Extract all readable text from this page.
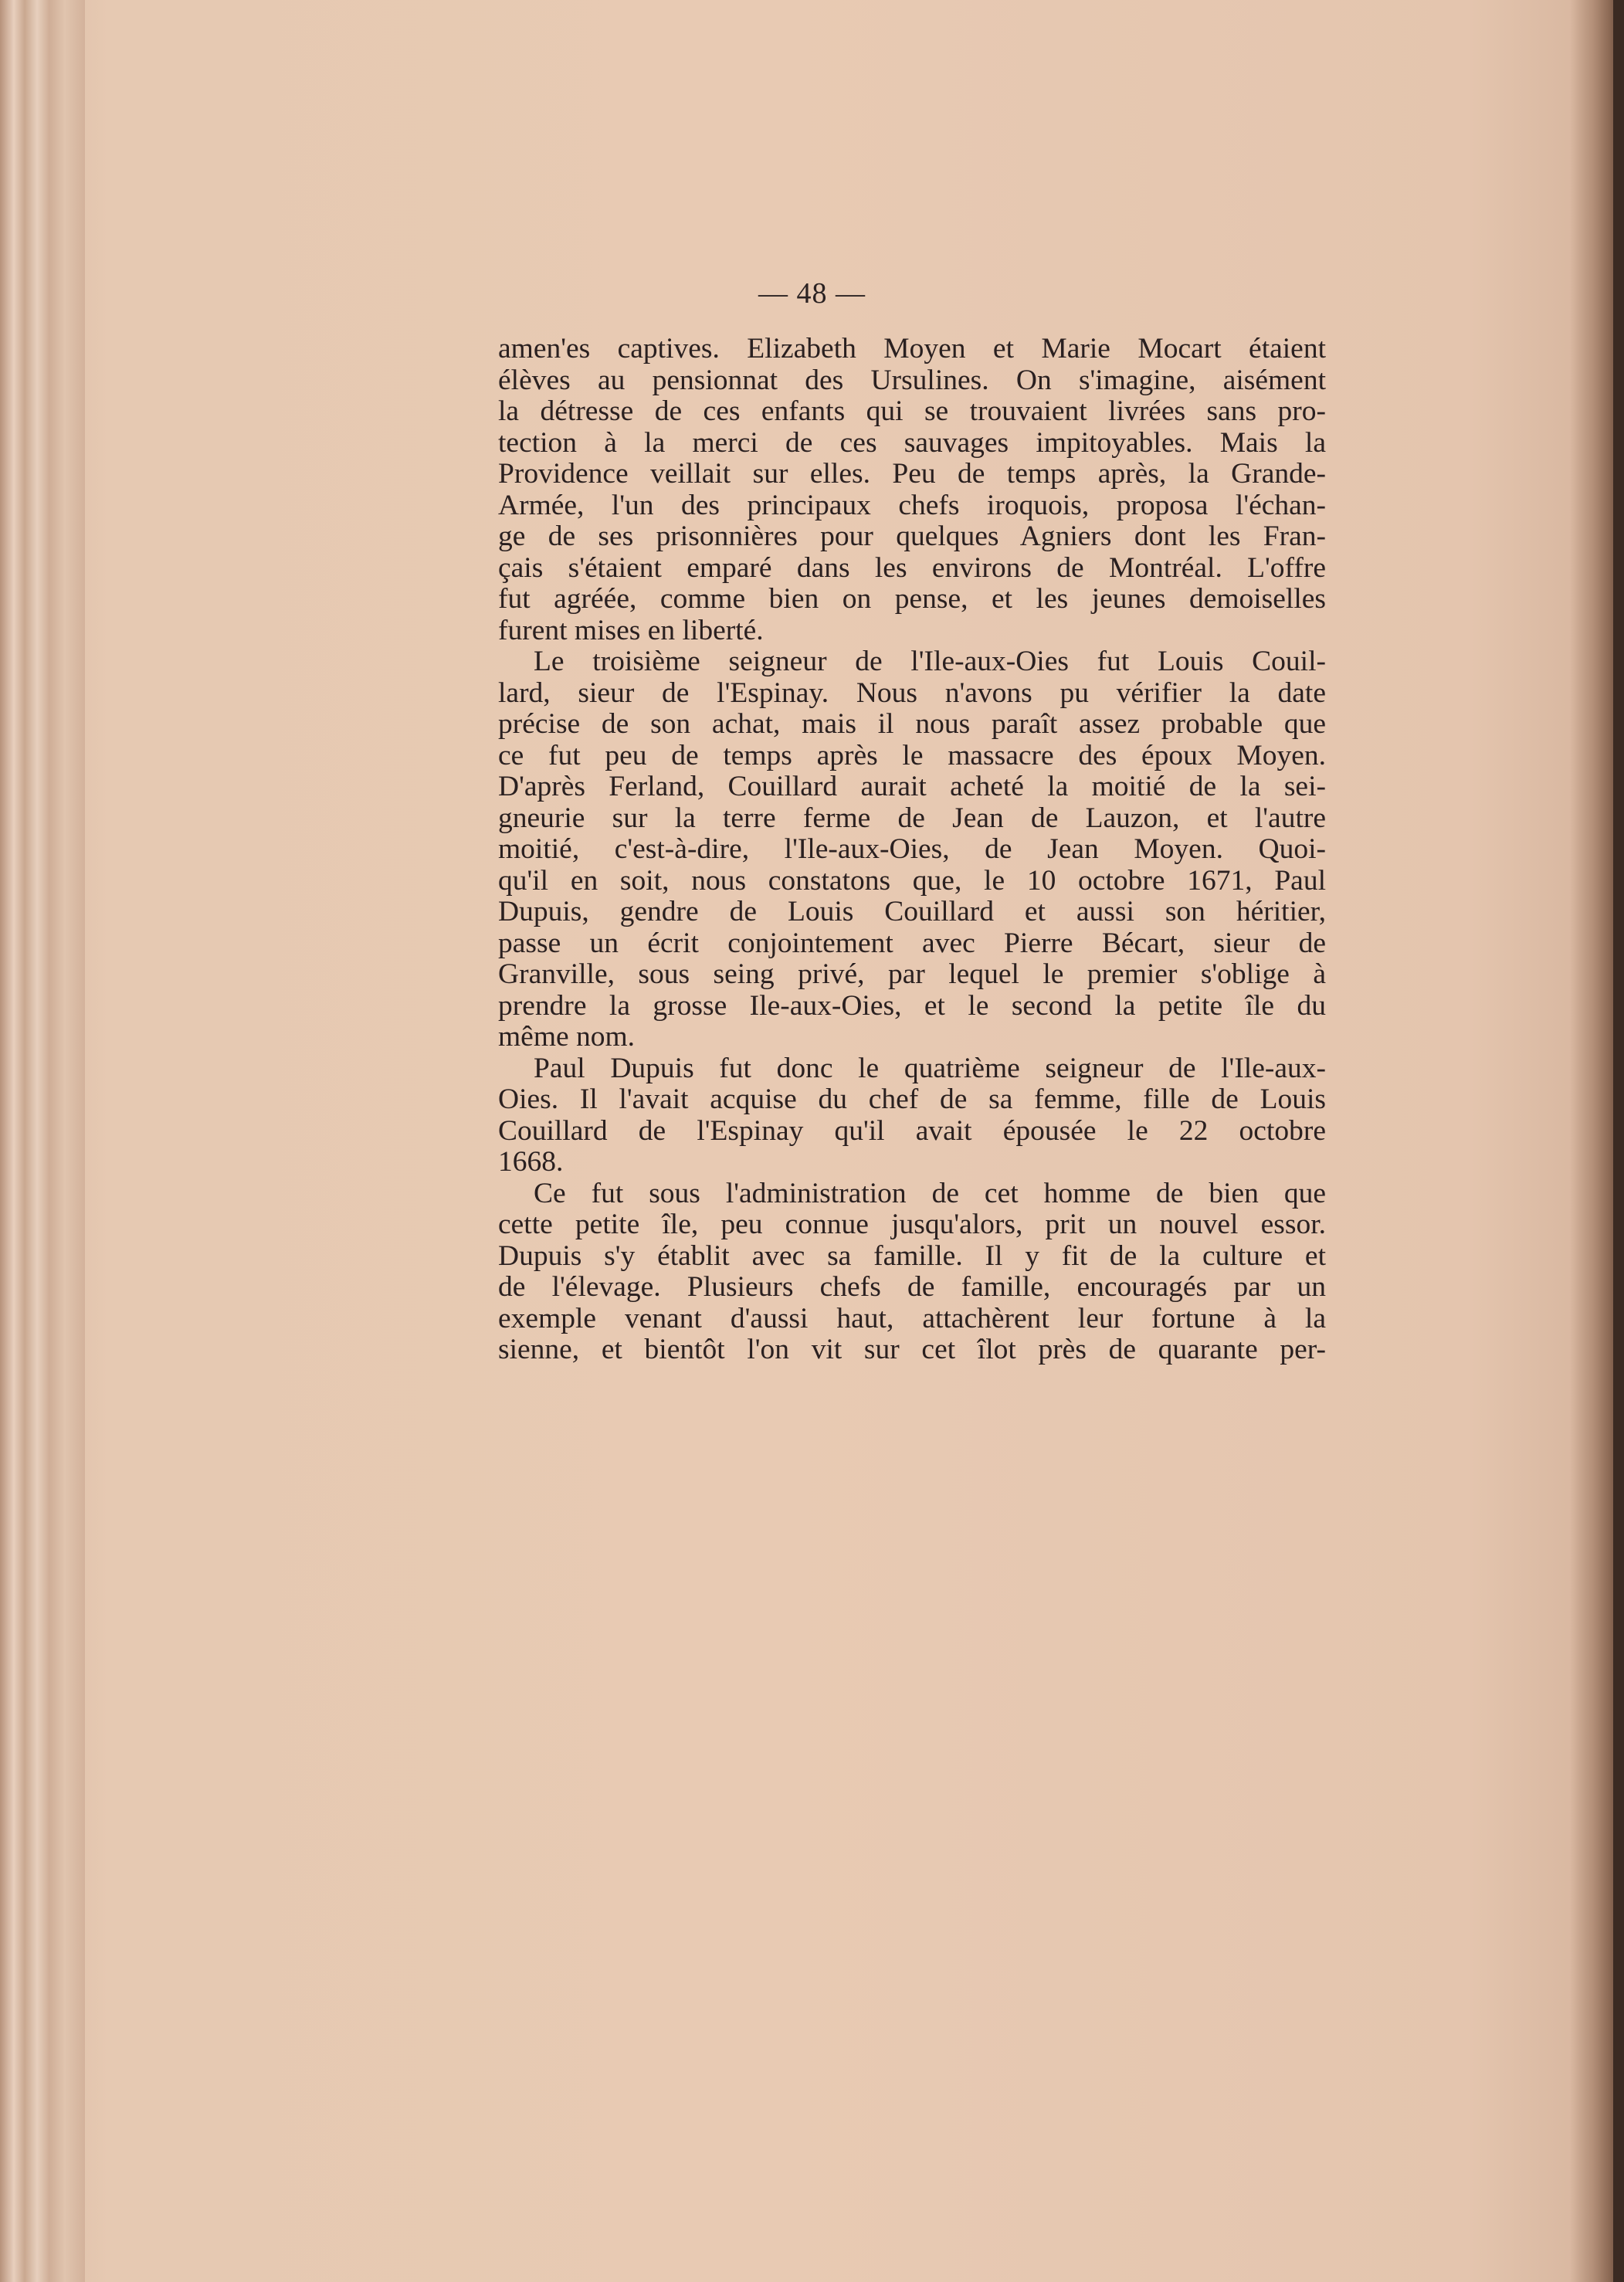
— 48 —
amen'es captives. Elizabeth Moyen et Marie Mocart étaient
élèves au pensionnat des Ursulines. On s'imagine, aisément
la détresse de ces enfants qui se trouvaient livrées sans pro-
tection à la merci de ces sauvages impitoyables. Mais la
Providence veillait sur elles. Peu de temps après, la Grande-
Armée, l'un des principaux chefs iroquois, proposa l'échan-
ge de ses prisonnières pour quelques Agniers dont les Fran-
çais s'étaient emparé dans les environs de Montréal. L'offre
fut agréée, comme bien on pense, et les jeunes demoiselles
furent mises en liberté.
Le troisième seigneur de l'Ile-aux-Oies fut Louis Couil-
lard, sieur de l'Espinay. Nous n'avons pu vérifier la date
précise de son achat, mais il nous paraît assez probable que
ce fut peu de temps après le massacre des époux Moyen.
D'après Ferland, Couillard aurait acheté la moitié de la sei-
gneurie sur la terre ferme de Jean de Lauzon, et l'autre
moitié, c'est-à-dire, l'Ile-aux-Oies, de Jean Moyen. Quoi-
qu'il en soit, nous constatons que, le 10 octobre 1671, Paul
Dupuis, gendre de Louis Couillard et aussi son héritier,
passe un écrit conjointement avec Pierre Bécart, sieur de
Granville, sous seing privé, par lequel le premier s'oblige à
prendre la grosse Ile-aux-Oies, et le second la petite île du
même nom.
Paul Dupuis fut donc le quatrième seigneur de l'Ile-aux-
Oies. Il l'avait acquise du chef de sa femme, fille de Louis
Couillard de l'Espinay qu'il avait épousée le 22 octobre
1668.
Ce fut sous l'administration de cet homme de bien que
cette petite île, peu connue jusqu'alors, prit un nouvel essor.
Dupuis s'y établit avec sa famille. Il y fit de la culture et
de l'élevage. Plusieurs chefs de famille, encouragés par un
exemple venant d'aussi haut, attachèrent leur fortune à la
sienne, et bientôt l'on vit sur cet îlot près de quarante per-
